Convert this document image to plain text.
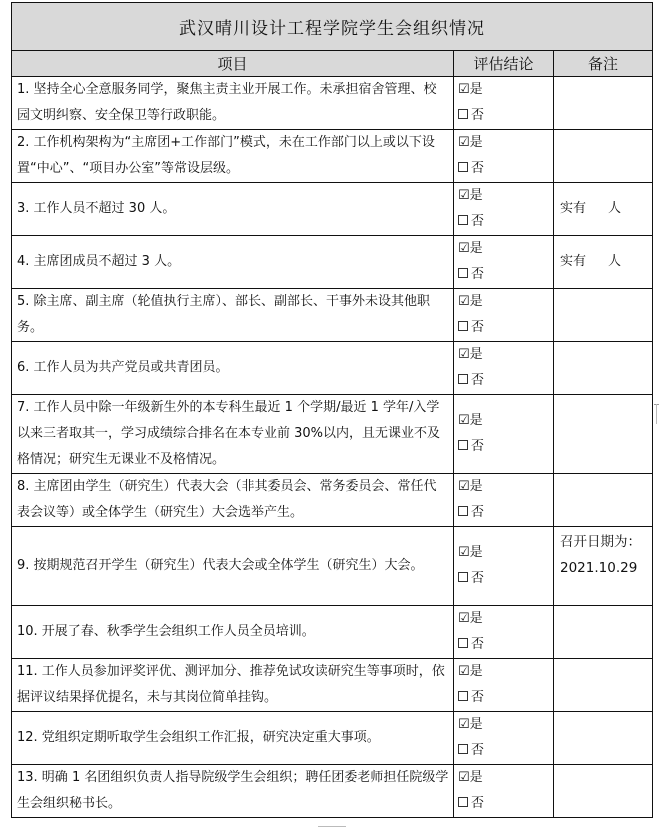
武汉晴川设计工程学院学生会组织情况		
项目	评估结论	备注
1. 坚持全心全意服务同学，聚焦主责主业开展工作。未承担宿舍管理、校园文明纠察、安全保卫等行政职能。	☑是
否	

2. 工作机构架构为“主席团+工作部门”模式，未在工作部门以上或以下设置“中心”、“项目办公室”等常设层级。	☑是
否	

3. 工作人员不超过 30 人。	☑是
否	实有 人
4. 主席团成员不超过 3 人。	☑是
否	实有 人
5. 除主席、副主席（轮值执行主席）、部长、副部长、干事外未设其他职务。	☑是
否	

6. 工作人员为共产党员或共青团员。	☑是
否	

7. 工作人员中除一年级新生外的本专科生最近 1 个学期/最近 1 学年/入学以来三者取其一，学习成绩综合排名在本专业前 30%以内，且无课业不及格情况；研究生无课业不及格情况。	☑是
否	

8. 主席团由学生（研究生）代表大会（非其委员会、常务委员会、常任代表会议等）或全体学生（研究生）大会选举产生。	☑是
否	

9. 按期规范召开学生（研究生）代表大会或全体学生（研究生）大会。	☑是
否	召开日期为：2021.10.29
10. 开展了春、秋季学生会组织工作人员全员培训。	☑是
否	

11. 工作人员参加评奖评优、测评加分、推荐免试攻读研究生等事项时，依据评议结果择优提名，未与其岗位简单挂钩。	☑是
否	

12. 党组织定期听取学生会组织工作汇报，研究决定重大事项。	☑是
否	

13. 明确 1 名团组织负责人指导院级学生会组织；聘任团委老师担任院级学生会组织秘书长。	☑是
否	
